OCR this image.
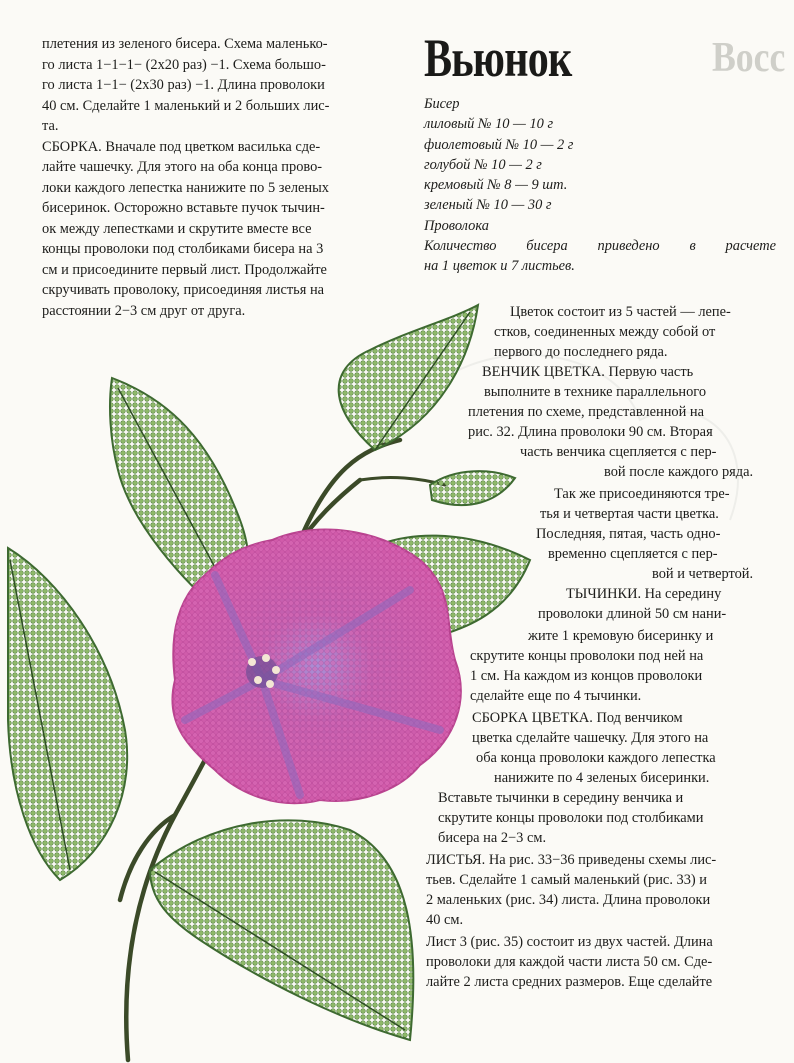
Восс
плетения из зеленого бисера. Схема маленько-
го листа 1−1−1− (2х20 раз) −1. Схема большо-
го листа 1−1− (2х30 раз) −1. Длина проволоки
40 см. Сделайте 1 маленький и 2 больших лис-
та.
СБОРКА. Вначале под цветком василька сде-
лайте чашечку. Для этого на оба конца прово-
локи каждого лепестка нанижите по 5 зеленых
бисеринок. Осторожно вставьте пучок тычин-
ок между лепестками и скрутите вместе все
концы проволоки под столбиками бисера на 3
см и присоедините первый лист. Продолжайте
скручивать проволоку, присоединяя листья на
расстоянии 2−3 см друг от друга.
Вьюнок
Бисер
лиловый № 10 — 10 г
фиолетовый № 10 — 2 г
голубой № 10 — 2 г
кремовый № 8 — 9 шт.
зеленый № 10 — 30 г
Проволока
Количество бисера приведено в расчете
на 1 цветок и 7 листьев.
Цветок состоит из 5 частей — лепе-
стков, соединенных между собой от
первого до последнего ряда.
ВЕНЧИК ЦВЕТКА. Первую часть
выполните в технике параллельного
плетения по схеме, представленной на
рис. 32. Длина проволоки 90 см. Вторая
часть венчика сцепляется с пер-
вой после каждого ряда.
Так же присоединяются тре-
тья и четвертая части цветка.
Последняя, пятая, часть одно-
временно сцепляется с пер-
вой и четвертой.
ТЫЧИНКИ. На середину
проволоки длиной 50 см нани-
жите 1 кремовую бисеринку и
скрутите концы проволоки под ней на
1 см. На каждом из концов проволоки
сделайте еще по 4 тычинки.
СБОРКА ЦВЕТКА. Под венчиком
цветка сделайте чашечку. Для этого на
оба конца проволоки каждого лепестка
нанижите по 4 зеленых бисеринки.
Вставьте тычинки в середину венчика и
скрутите концы проволоки под столбиками
бисера на 2−3 см.
ЛИСТЬЯ. На рис. 33−36 приведены схемы лис-
тьев. Сделайте 1 самый маленький (рис. 33) и
2 маленьких (рис. 34) листа. Длина проволоки
40 см.
Лист 3 (рис. 35) состоит из двух частей. Длина
проволоки для каждой части листа 50 см. Сде-
лайте 2 листа средних размеров. Еще сделайте
